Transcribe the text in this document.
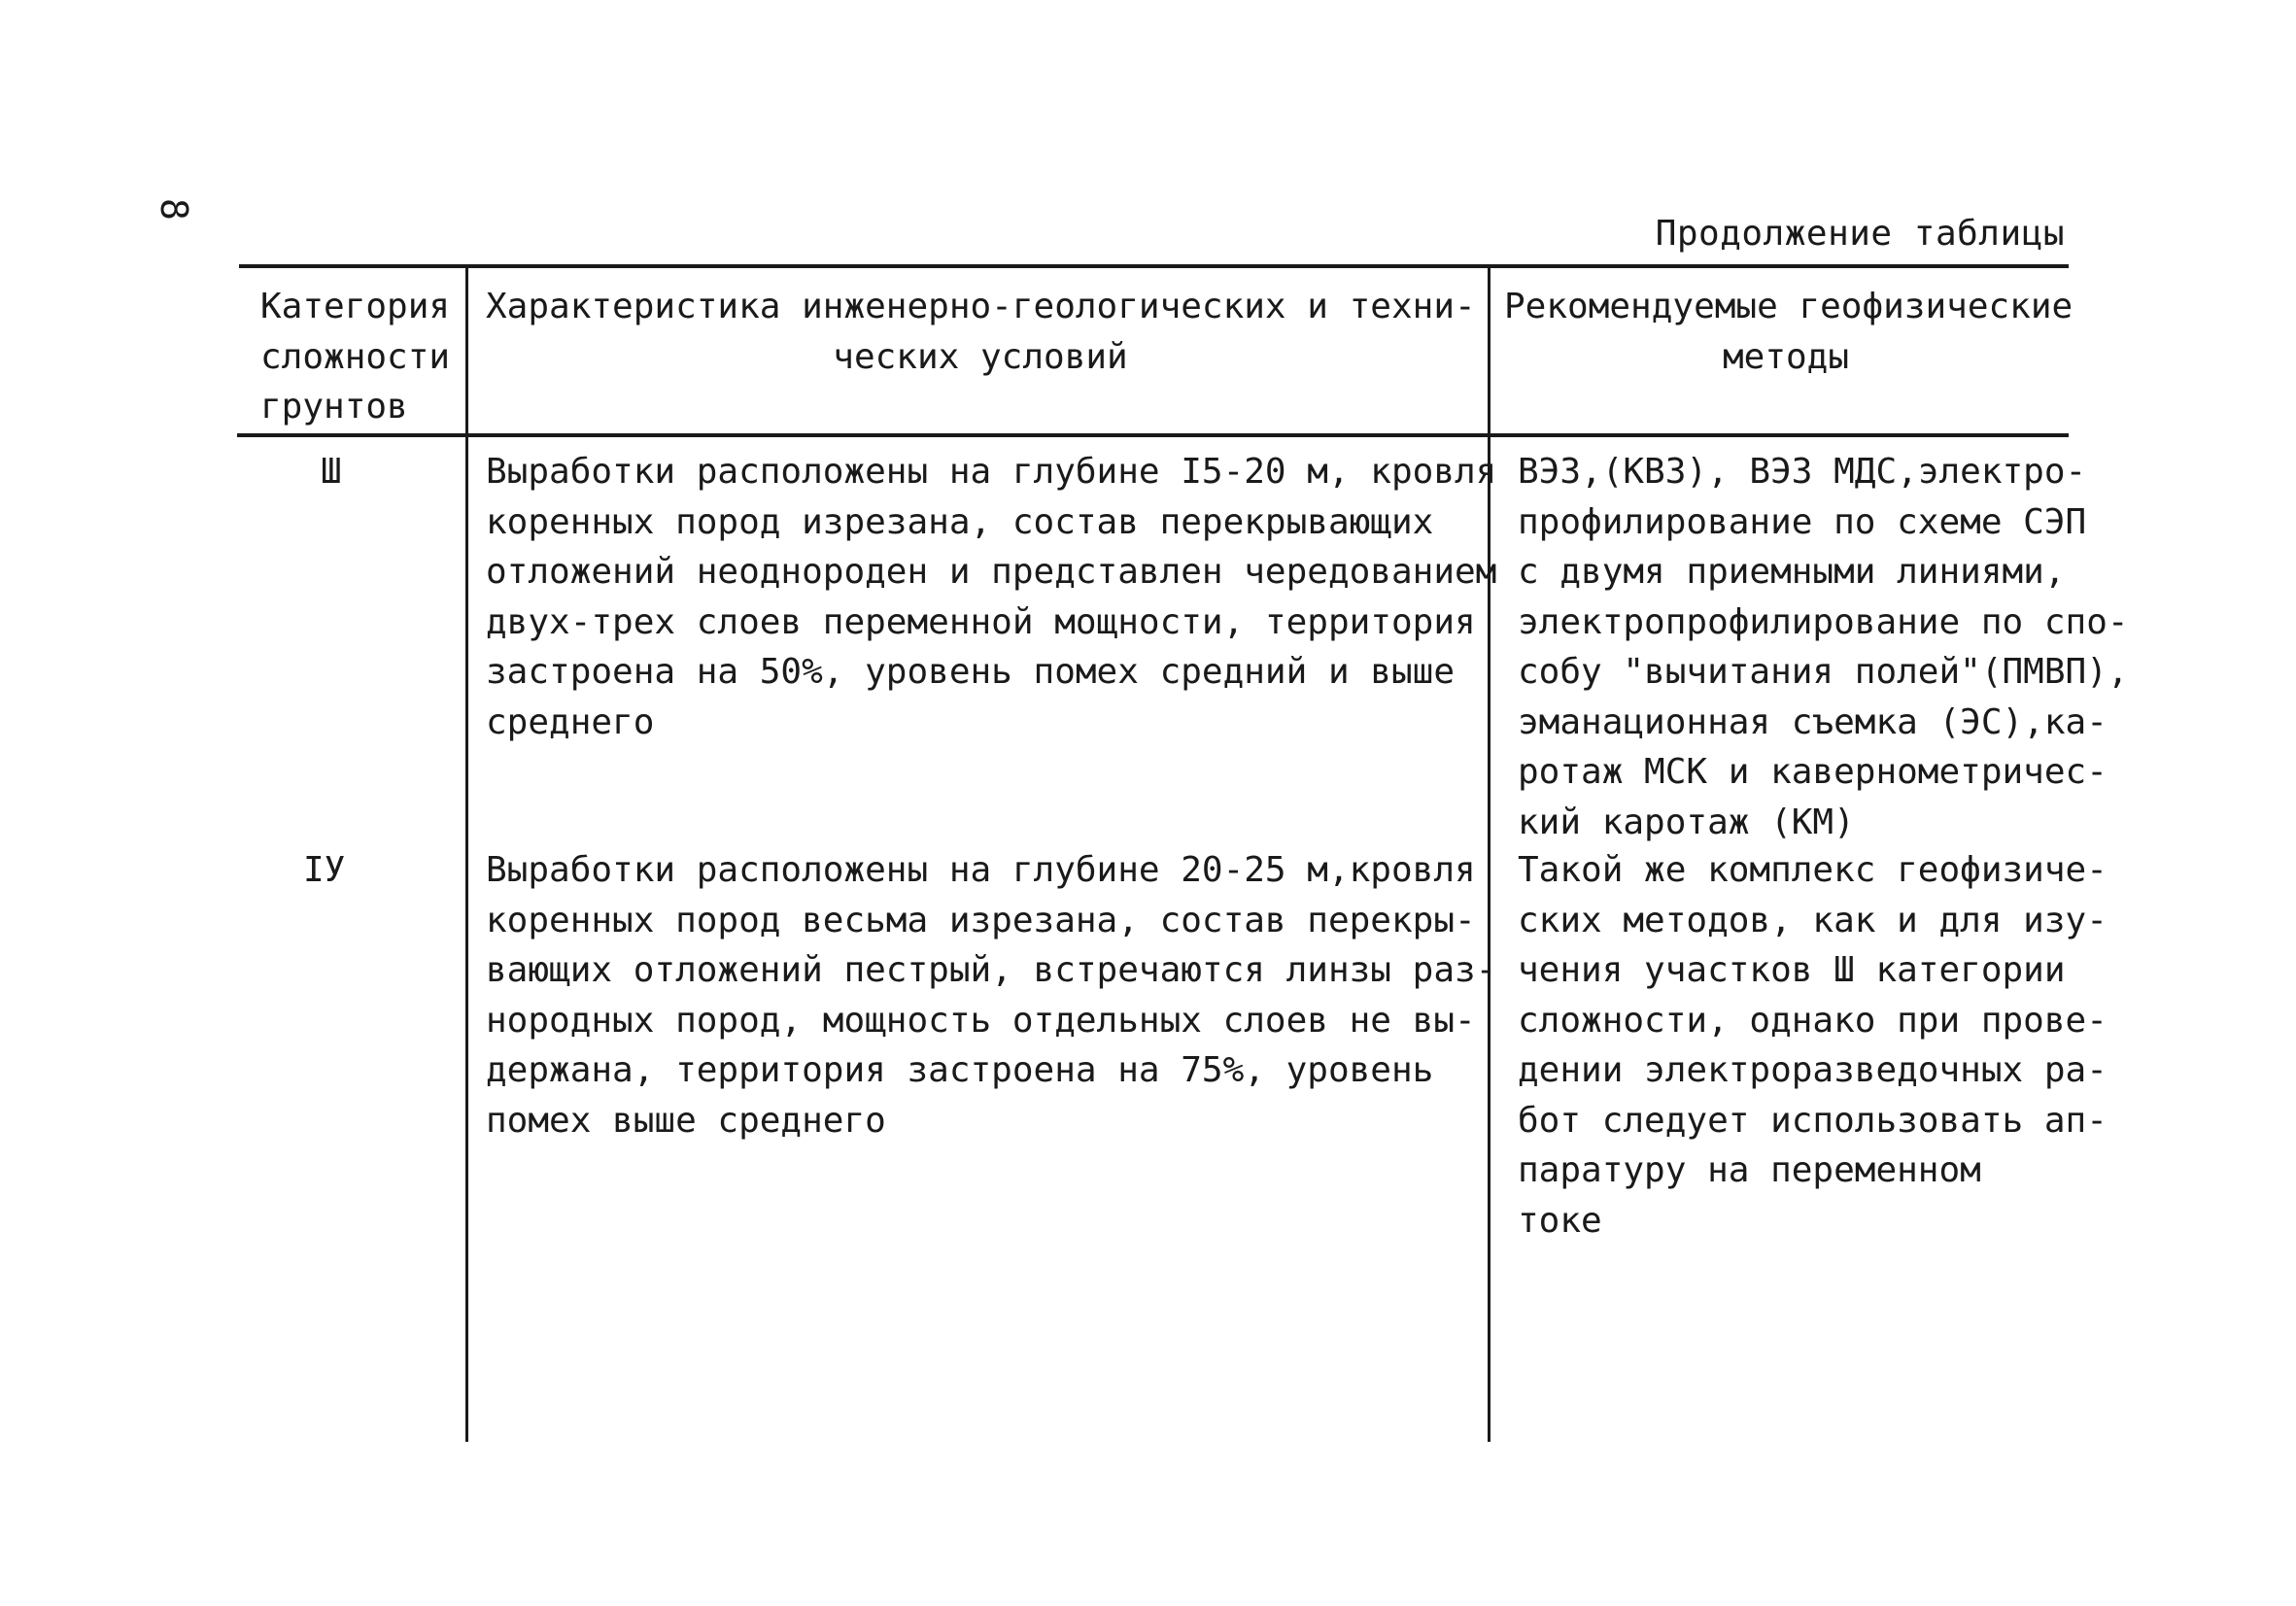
8
Продолжение таблицы
Категория
сложности
грунтов
Характеристика инженерно-геологических и техни-
ческих условий
Рекомендуемые геофизические
методы
Ш	Выработки расположены на глубине I5-20 м, кровля
коренных пород изрезана, состав перекрывающих
отложений неоднороден и представлен чередованием
двух-трех слоев переменной мощности, территория
застроена на 50%, уровень помех средний и выше
среднего
ВЭЗ,(КВЗ), ВЭЗ МДС,электро-
профилирование по схеме СЭП
с двумя приемными линиями,
электропрофилирование по спо-
собу "вычитания полей"(ПМВП),
эманационная съемка (ЭС),ка-
ротаж МСК и кавернометричес-
кий каротаж (КМ)
IУ	Выработки расположены на глубине 20-25 м,кровля
коренных пород весьма изрезана, состав перекры-
вающих отложений пестрый, встречаются линзы раз-
нородных пород, мощность отдельных слоев не вы-
держана, территория застроена на 75%, уровень
помех выше среднего
Такой же комплекс геофизиче-
ских методов, как и для изу-
чения участков Ш категории
сложности, однако при прове-
дении электроразведочных ра-
бот следует использовать ап-
паратуру на переменном
токе
